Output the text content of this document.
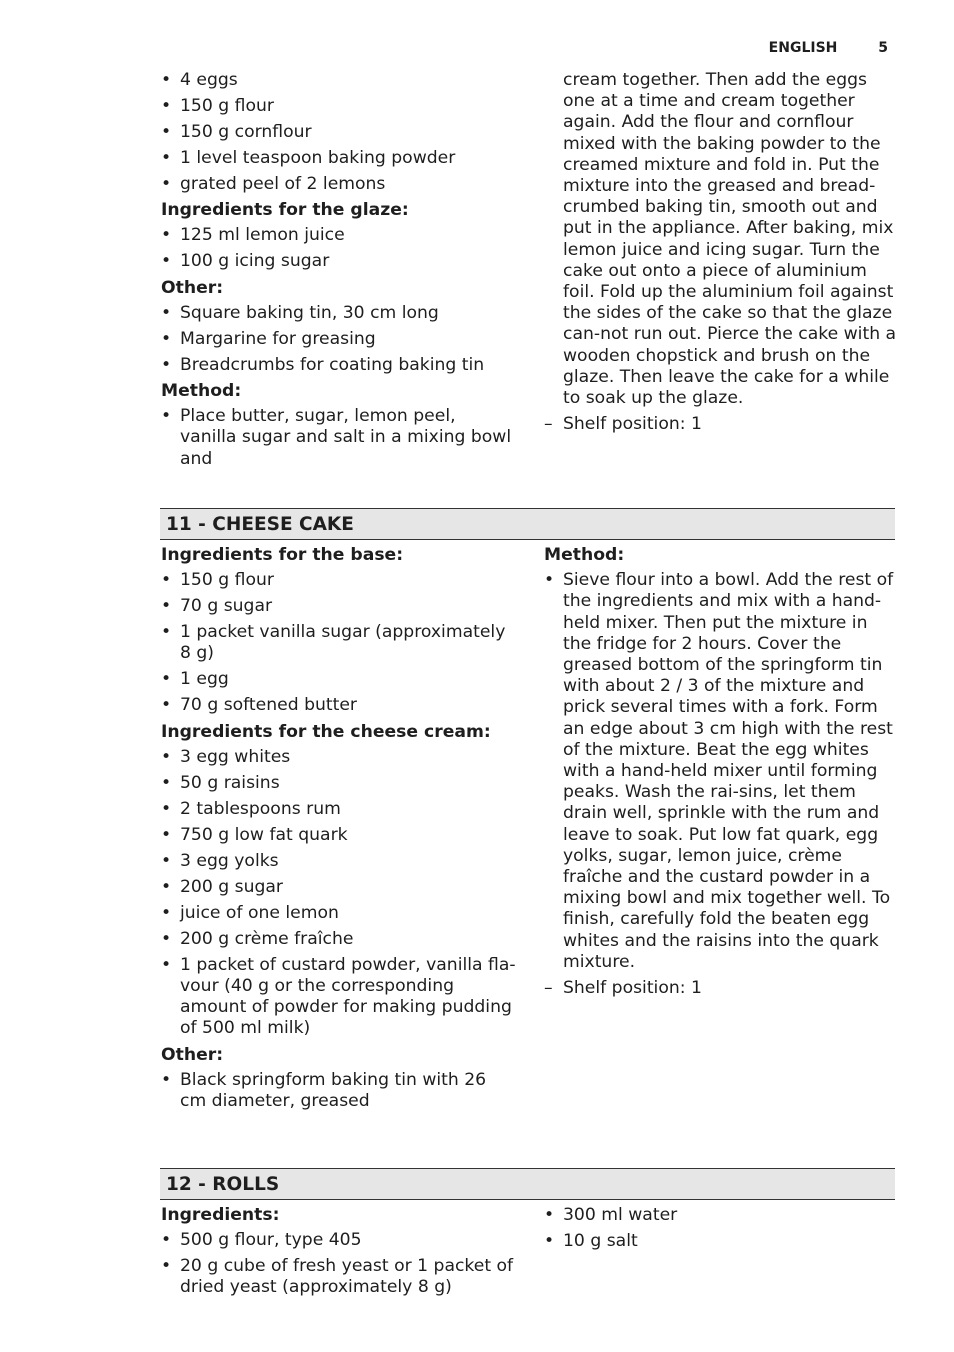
ENGLISH	5
• 4 eggs
• 150 g flour
• 150 g cornflour
• 1 level teaspoon baking powder
• grated peel of 2 lemons
Ingredients for the glaze:
• 125 ml lemon juice
• 100 g icing sugar
Other:
• Square baking tin, 30 cm long
• Margarine for greasing
• Breadcrumbs for coating baking tin
Method:
• Place butter, sugar, lemon peel, vanilla sugar and salt in a mixing bowl and
cream together. Then add the eggs one at a time and cream together again. Add the flour and cornflour mixed with the baking powder to the creamed mixture and fold in. Put the mixture into the greased and bread-crumbed baking tin, smooth out and put in the appliance. After baking, mix lemon juice and icing sugar. Turn the cake out onto a piece of aluminium foil. Fold up the aluminium foil against the sides of the cake so that the glaze can-not run out. Pierce the cake with a wooden chopstick and brush on the glaze. Then leave the cake for a while to soak up the glaze.
– Shelf position: 1
11 - CHEESE CAKE
Ingredients for the base:
• 150 g flour
• 70 g sugar
• 1 packet vanilla sugar (approximately 8 g)
• 1 egg
• 70 g softened butter
Ingredients for the cheese cream:
• 3 egg whites
• 50 g raisins
• 2 tablespoons rum
• 750 g low fat quark
• 3 egg yolks
• 200 g sugar
• juice of one lemon
• 200 g crème fraîche
• 1 packet of custard powder, vanilla fla-vour (40 g or the corresponding amount of powder for making pudding of 500 ml milk)
Other:
• Black springform baking tin with 26 cm diameter, greased
Method:
• Sieve flour into a bowl. Add the rest of the ingredients and mix with a hand-held mixer. Then put the mixture in the fridge for 2 hours. Cover the greased bottom of the springform tin with about 2 / 3 of the mixture and prick several times with a fork. Form an edge about 3 cm high with the rest of the mixture. Beat the egg whites with a hand-held mixer until forming peaks. Wash the rai-sins, let them drain well, sprinkle with the rum and leave to soak. Put low fat quark, egg yolks, sugar, lemon juice, crème fraîche and the custard powder in a mixing bowl and mix together well. To finish, carefully fold the beaten egg whites and the raisins into the quark mixture.
– Shelf position: 1
12 - ROLLS
Ingredients:
• 500 g flour, type 405
• 20 g cube of fresh yeast or 1 packet of dried yeast (approximately 8 g)
• 300 ml water
• 10 g salt
